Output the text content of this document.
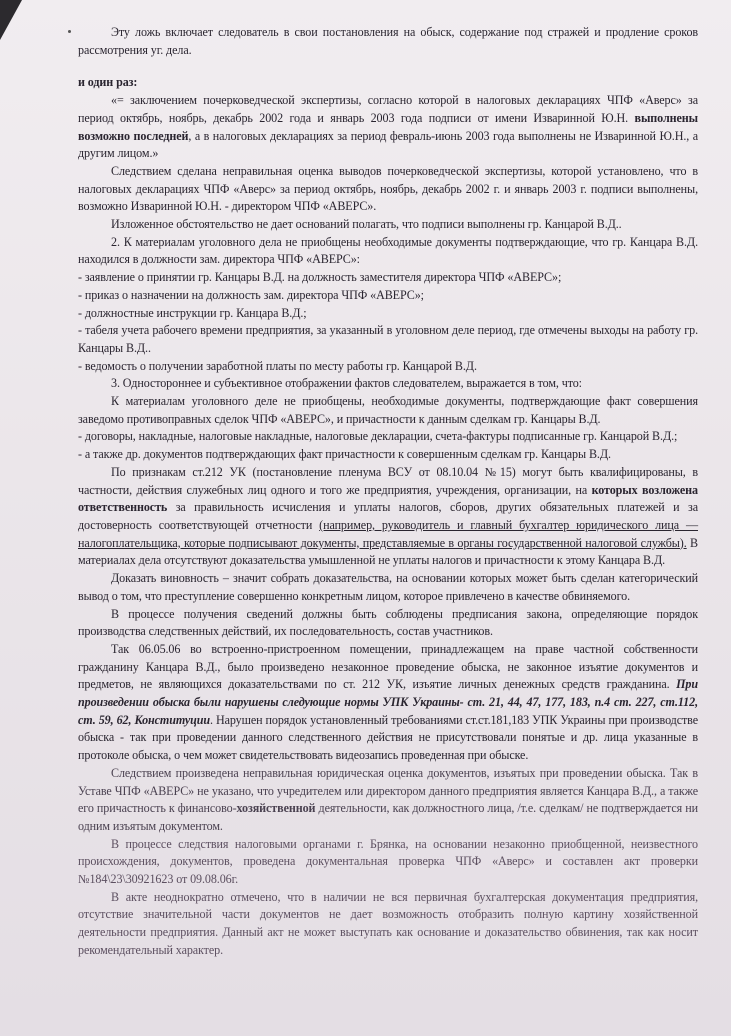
Эту ложь включает следователь в свои постановления на обыск, содержание под стражей и продление сроков рассмотрения уг. дела.

и один раз:

«= заключением почерковедческой экспертизы, согласно которой в налоговых декларациях ЧПФ «Аверс» за период октябрь, ноябрь, декабрь 2002 года и январь 2003 года подписи от имени Изваринной Ю.Н. выполнены возможно последней, а в налоговых декларациях за период февраль-июнь 2003 года выполнены не Изваринной Ю.Н., а другим лицом.»

Следствием сделана неправильная оценка выводов почерковедческой экспертизы, которой установлено, что в налоговых декларациях ЧПФ «Аверс» за период октябрь, ноябрь, декабрь 2002 г. и январь 2003 г. подписи выполнены, возможно Изваринной Ю.Н. - директором ЧПФ «АВЕРС».

Изложенное обстоятельство не дает оснований полагать, что подписи выполнены гр. Канцарой В.Д..

2. К материалам уголовного дела не приобщены необходимые документы подтверждающие, что гр. Канцара В.Д. находился в должности зам. директора ЧПФ «АВЕРС»:

- заявление о принятии гр. Канцары В.Д. на должность заместителя директора ЧПФ «АВЕРС»;

- приказ о назначении на должность зам. директора ЧПФ «АВЕРС»;

- должностные инструкции гр. Канцара В.Д.;

- табеля учета рабочего времени предприятия, за указанный в уголовном деле период, где отмечены выходы на работу гр. Канцары В.Д..

- ведомость о получении заработной платы по месту работы гр. Канцарой В.Д.

3. Одностороннее и субъективное отображении фактов следователем, выражается в том, что:

К материалам уголовного деле не приобщены, необходимые документы, подтверждающие факт совершения заведомо противоправных сделок ЧПФ «АВЕРС», и причастности к данным сделкам гр. Канцары В.Д.

- договоры, накладные, налоговые накладные, налоговые декларации, счета-фактуры подписанные гр. Канцарой В.Д.;

- а также др. документов подтверждающих факт причастности к совершенным сделкам гр. Канцары В.Д.

По признакам ст.212 УК (постановление пленума ВСУ от 08.10.04 №15) могут быть квалифицированы, в частности, действия служебных лиц одного и того же предприятия, учреждения, организации, на которых возложена ответственность за правильность исчисления и уплаты налогов, сборов, других обязательных платежей и за достоверность соответствующей отчетности (например, руководитель и главный бухгалтер юридического лица — налогоплательщика, которые подписывают документы, представляемые в органы государственной налоговой службы). В материалах дела отсутствуют доказательства умышленной не уплаты налогов и причастности к этому Канцара В.Д.

Доказать виновность – значит собрать доказательства, на основании которых может быть сделан категорический вывод о том, что преступление совершенно конкретным лицом, которое привлечено в качестве обвиняемого.

В процессе получения сведений должны быть соблюдены предписания закона, определяющие порядок производства следственных действий, их последовательность, состав участников.

Так 06.05.06 во встроенно-пристроенном помещении, принадлежащем на праве частной собственности гражданину Канцара В.Д., было произведено незаконное проведение обыска, не законное изъятие документов и предметов, не являющихся доказательствами по ст. 212 УК, изъятие личных денежных средств гражданина. При произведении обыска были нарушены следующие нормы УПК Украины- ст. 21, 44, 47, 177, 183, п.4 ст. 227, ст.112, ст. 59, 62, Конституции. Нарушен порядок установленный требованиями ст.ст.181,183 УПК Украины при производстве обыска - так при проведении данного следственного действия не присутствовали понятые и др. лица указанные в протоколе обыска, о чем может свидетельствовать видеозапись проведенная при обыске.

Следствием произведена неправильная юридическая оценка документов, изъятых при проведении обыска. Так в Уставе ЧПФ «АВЕРС» не указано, что учредителем или директором данного предприятия является Канцара В.Д., а также его причастность к финансово-хозяйственной деятельности, как должностного лица, /т.е. сделкам/ не подтверждается ни одним изъятым документом.

В процессе следствия налоговыми органами г. Брянка, на основании незаконно приобщенной, неизвестного происхождения, документов, проведена документальная проверка ЧПФ «Аверс» и составлен акт проверки №184\23\30921623 от 09.08.06г.

В акте неоднократно отмечено, что в наличии не вся первичная бухгалтерская документация предприятия, отсутствие значительной части документов не дает возможность отобразить полную картину хозяйственной деятельности предприятия. Данный акт не может выступать как основание и доказательство обвинения, так как носит рекомендательный характер.
